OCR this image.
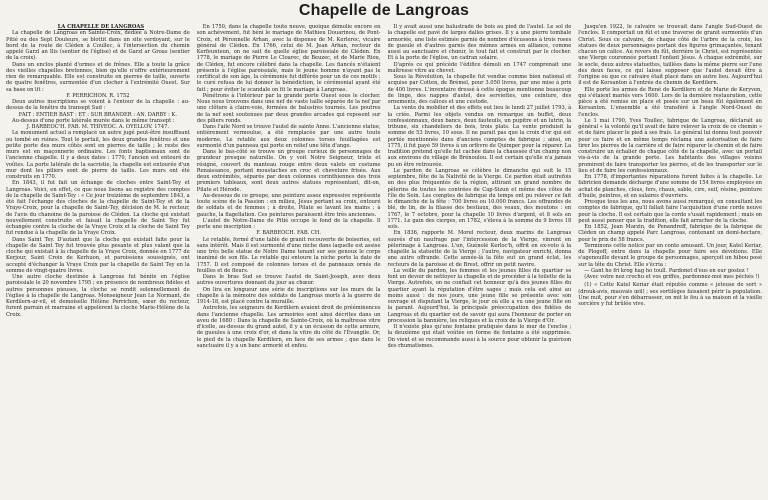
Chapelle de Langroas

LA CHAPELLE DE LANGROAS

La chapelle de Langroas en Sainte-Croix, dédiée à Notre-Dame de Pitié ou des Sept Douleurs, se blottit dans un site verdoyant, sur le bord de la route de Cléden à Coullec, à l'intersection du chemin appelé Garzl an Ilis (sentier de l'église) et de Garzl ar Groas (sentier de la croix).

Dans un enclos planté d'ormes et de frênes. Elle a toute la grâce des vieilles chapelles bretonnes, bien qu'elle n'offre extérieurement rien de remarquable. Elle est construite en pierres de taille, ouverte de quatre fenêtres, surmontée d'un clocher à l'extrémité Ouest. Sur sa base on lit :

F. PERRICHON. R. 1752

Deux autres inscriptions se voient à l'entour de la chapelle : au-dessus de la fenêtre du transept Sud :

FAIT : ENTIER BAST : ET : SUR BRANDER : AN. DARBY : K.

Au-dessus d'une porte latérale murée dans le même transept :

J. BARBEOC'H. FAB. M. THIVEOC. A. OYELLOV. 1747.

Le monument actuel a remplacé un autre jugé peut-être insuffisant ou tombé en ruines. Tout le portail, les deux grandes fenêtres et une petite porte des murs côtés sont en pierres de taille ; le reste des murs est en maçonnerie ordinaire. Les fonts baptismaux sont de l'ancienne chapelle. Il y a deux dates : 1770, l'ancien est entouré de voûtes. La porte latérale de la sacristie, la chapelle est entourée d'un mur dont les piliers sont de pierre de taille. Les murs ont été construits en 1770.

En 1843, il fut fait un échange de cloches entre Saint-Tey et Langroas. Voici, en effet, ce que nous lisons au registre des comptes de la chapelle de Saint-Tey : « Ce jour treizième de septembre 1843, a été fait l'échange des cloches de la chapelle de Saint-Tey et de la Vraye-Croix, pour la chapelle de Saint-Tey, décision de M. le recteur, de l'avis du chanoine de la paroisse de Cléden. La cloche qui existait nouvellement construite et faisait la chapelle de Saint Tey fut échangée contre la cloche de la Vraye Croix et la cloche de Saint Tey fut rendue à la chapelle de la Vraye Croix.

Dans Saint Tey. D'autant que la cloche qui existait faite pour la chapelle de Saint Tey fut trouvée plus pesante et plus valant que la cloche qui existait à la chapelle de la Vraye Croix, donnée en 1777 de Kerjour, Saint Croix de Kerhuon, et paroissiens soussignés, ont accepté d'échanger la Vraye Croix par la chapelle de Saint Tey en la somme de vingt-quatre livres.

Une autre cloche destinée à Langroas fut bénite en l'église paroissiale le 20 novembre 1795 ; en présence de nombreux fidèles et autres personnes pieuses, la cloche se rendit solennellement de l'église à la chapelle de Langroas. Monseigneur Jean Le Normant, de Kerdilern-ar-vil, et demoiselle Hélène Perrichon, sœur du recteur, furent parrain et marraine et appelèrent la cloche Marie-Hélène de la Croix.

En 1750, dans la chapelle toute neuve, quoique démolie encore en son achèvement, fut béni le mariage de Mathieu Douarinou, de Pont-Croix, et Péronnelle Arhan, avec la dispense de M. Kerlerec, vicaire général de Cléden. En 1766, celui de M. Jean Arhan, recteur de Kerfeunteun, on ne sait de quelle église paroissiale de Cléden. En 1778, le mariage de Pierre Le Cloarec, de Beuzec, et de Marie Riou, de Cléden, fut encore célébré dans la chapelle. Les fiancés n'étaient présents à l'église paroissiale, mais le jeune homme n'ayant pas le certificat de son âge, la cérémonie fut différée pour un de ces motifs : le curé refusa de lui donner la bénédiction, le cérémonial ayant été fait ; pour éviter le scandale on fit le mariage à Langroas.

Pénétrons à l'intérieur par la grande porte Ouest sous le clocher. Nous nous trouvons dans une nef de vaste taille séparée de la nef par une clôture à claire-voie, formées de balustres tournés. Les poutres de la nef sont soutenues par deux grandes arcades qui reposent sur des piliers ronds.

Dans l'aile Nord se trouve l'autel de sainte Anne. L'ancienne statue, entièrement vermoulue, a été remplacée par une autre toute moderne. Le retable aux deux colonnes torses feuillagées est surmonté d'un panneau qui porte en relief une tête d'ange.

Dans le bas-côté se trouve un groupe curieux de personnages de grandeur presque naturelle. On y voit Notre Seigneur, triste et résigné, couvert du manteau rouge entre deux valets en costume Renaissance, portant moustaches en croc et chevelure frisée. Aux deux extrémités, séparés par deux colonnes corinthiennes des trois premiers tableaux, sont deux autres statues représentant, dit-on, Pilate et Hérode.

Au-dessous de ce groupe, une peinture assez expressive représente toute scène de la Passion : en milieu, Jésus portant sa croix, entouré de soldats et de femmes ; à droite, Pilate se lavant les mains ; à gauche, la flagellation. Ces peintures paraissent être très anciennes.

L'autel de Notre-Dame de Pitié occupe le fond de la chapelle. Il porte une inscription :

F. BARBEOCH. FAB. CH.

Le retable, formé d'une table de granit recouverte de boiseries, est sans intérêt. Mais il est surmonté d'une niche dans laquelle est assise une très belle statue de Notre Dame tenant sur ses genoux le corps inanimé de son fils. Le retable qui entoure la niche porte la date de 1757. Il est composé de colonnes torses et de panneaux ornés de feuilles et de fleurs.

Dans le bras Sud se trouve l'autel de Saint-Joseph, avec deux autres ouvertures donnant du jour au chœur.

On lira en longueur une série de inscriptions sur les murs de la chapelle à la mémoire des soldats de Langroas morts à la guerre de 1914-18, est placé contre la muraille.

Autrefois, les seigneurs de Kerdilern avaient droit de prééminences dans l'ancienne chapelle. Les armoiries sont ainsi décrites dans un aveu de 1680 : Dans la chapelle de Sainte-Croix, où la maîtresse vitre d'icelle, au-dessus du grand autel, il y a un écusson de cette armure, de gueules à une croix d'or, et dans la vitre du côté de l'Évangile. Or, le pied de la chapelle Kerdilern, en face de ses armes ; que dans le sanctuaire il y a un banc armorié et enfeu.

Il y avait aussi une balustrade de bois au pied de l'autel. Le sol de la chapelle est pavé de larges dalles grises. Il y a une pierre tombale armoriée, une liste estimée garnie de nombre d'écussons à trois roses de gueule et d'autres garnis des mêmes armes en alliance, comme aussi au sanctuaire et chœur, le tout fait et construit par le clocher. Et à la porte de l'église, un cadran solaire.

D'après ce qui précède l'édifice démoli en 1747 comprenait une maîtresse vitre au chevet.

Sous la Révolution, la chapelle fut vendue comme bien national et acquise par Cotten, de Brémel, pour 3.050 livres, par une mise à prix de 400 livres. L'inventaire dressé à cette époque mentionne beaucoup de linge, des nappes d'autel, des serviettes, une ceinture, des ornements, des calices et une custode.

La vente du mobilier et des effets eut lieu le lundi 27 juillet 1793, à la criée. Parmi les objets vendus on remarque un buffet, deux confessionnaux, deux bancs, deux fauteuils, un pupitre et un lutrin, la tribune, six chandeliers de bois, trois plats. La vente produisit la somme de 53 livres, 10 sous. Il ne parait pas que la croix d'or qui est portée mentionnée dans d'anciens comptes de fabrique ; ainsi, en 1775, il fut payé 59 livres à un orfèvre de Quimper pour la réparer. La tradition prétend qu'elle fut cachée dans la chaussée d'un champ non aux environs du village de Brénoulou. Il est certain qu'elle n'a jamais pu en être retrouvée.

Le pardon de Langroas se célèbre le dimanche qui suit le 15 septembre, fête de la Nativité de la Vierge. Ce pardon était autrefois un des plus fréquentés de la région, attirant un grand nombre de pèlerins de toutes les contrées de Cap-Sizun et même des côtes de l'île de Sein. Les comptes de fabrique du temps ont pu relever ce fait le dimanche de la fête : 700 livres ou 10.000 francs. Les offrandes de blé, de lin, de la filasse des bestiaux, des veaux, des moutons : en 1767, le 7 octobre, pour la chapelle 10 livres d'argent, et 8 sols en 1771. Le gain des cierges, en 1782, s'éleva à la somme de 9 livres 18 sols.

En 1836, rapporte M. Morel recteur, deux marins de Langroas sauvés d'un naufrage par l'intercession de la Vierge, vinrent en pèlerinage à Langroas. L'un, Guénolé Kerloc'h, offrit en ex-voto à la chapelle la statuette de la Vierge ; l'autre, navigateur enrichi, donna une autre offrande. Cette année-là la fête eut un grand éclat, les recteurs de la paroisse et de Brest, offrir un petit navire.

La veille du pardon, les femmes et les jeunes filles du quartier se font un devoir de nettoyer la chapelle et de procéder à la toilette de la Vierge. Autrefois, on ne confiait cet honneur qu'à des jeunes filles du quartier ayant la réputation d'être sages ; mais cela est ainsi au moins aussi : de nos jours, une jeune fille se présente avec son ouvrage et disputant la Vierge, le jour où elle a vu une jeune fille en la parant. Aujourd'hui, la principale préoccupation des fidèles de Langroas et du quartier est de savoir qui aura l'honneur de porter en procession la bannière, les reliques et la croix de la Vierge d'Or.

Il n'existe plus qu'une fontaine pratiquée dans le mur de l'enclos ; la deuxième qui était voûtée en forme de fontaine a été supprimée. On vient et se recommande aussi à la source pour obtenir la guérison des rhumatismes.

Jusqu'en 1922, le calvaire se trouvait dans l'angle Sud-Ouest de l'enclos. Il comportait un fût et une traverse de granit surmontés d'un Christ. Sous ce calvaire, de chaque côté de l'arbre de la croix, les statues de deux personnages portant des figures grimaçantes, tenant chacun un calice. Au revers du fût, derrière le Christ, est représentée une Vierge couronnée portant l'enfant Jésus. À chaque extrémité, sur le socle, deux autres statuettes, taillées dans la même pierre sur l'une des deux faces, ce qui laisse supposer que l'autel devait être à l'origine ou que ce calvaire était placé dans un autre lieu. Aujourd'hui il est de Kersanton à l'entrée du chemin de Kerdilern.

Elle porte les armes de René de Kerdilern et de Marie de Keryven, qui s'étaient mariés vers 1600. Lors de la dernière restauration, cette pièce a été remise en place et posée sur un beau fût également en Kersanton. L'ensemble a été transféré à l'angle Nord-Ouest de l'enclos.

Le 1 mai 1790, Yves Toullec, fabrique de Langroas, déclarait au général « la volonté qu'il avait de faire relever la croix de ce chemin » et de faire placer le pied à ses frais. Le général lui donna tout pouvoir pour ce faire et en même temps réclama une autorisation de faire tirer les pierres de la carrière et de faire réparer le chemin et de faire construire un échalier de chaque côté de la chapelle, avec un portail vis-à-vis de la grande porte. Les habitants des villages voisins promirent de faire transporter les pierres, et de les transporter sur le lieu et de faire les confessionnaux.

En 1778, d'importantes réparations furent faites à la chapelle. Le fabricien demande décharge d'une somme de 154 livres employées en achat de planches, clous, fers, chaux, sable, cire, suif, résine, peinture d'huile, peintres, et en salaires d'ouvriers.

Presque tous les ans, nous avons aussi remarqué, en consultant les comptes de fabrique, qu'il fallait faire l'acquisition d'une corde neuve pour la cloche. Il est certain que la corde s'usait rapidement ; mais on peut aussi penser que la tradition, elle fait arracher de la cloche.

En 1852, Jean Marzin, de Penandreff, fabrique de la fabrique de Cléden un champ appelé Parc Langroas, contenant un demi-hectare, pour le prix de 58 francs.

Terminons cette notice par un conte amusant. Un jour, Katel Keriar, de Plogoff, entre dans la chapelle pour faire ses dévotions. Elle s'agenouille devant le groupe de personnages, aperçoit un hibou posé sur la tête du Christ. Elle s'écria :

— Gant ho fri krog hag ho toull. Pardonet d'eus en eur gostez !

(Avec votre nez crochu et vos griffes, pardonnez-moi mes péchés !)

(1) « Cette Katel Keriar était réputée comme « jeteuse de sort » (drouk-avis, mauvais œil) ; ses sortilèges faisaient périr la population. Une nuit, pour s'en débarrasser, on mit le feu à sa maison et la vieille sorcière y fut brûlée vive.
